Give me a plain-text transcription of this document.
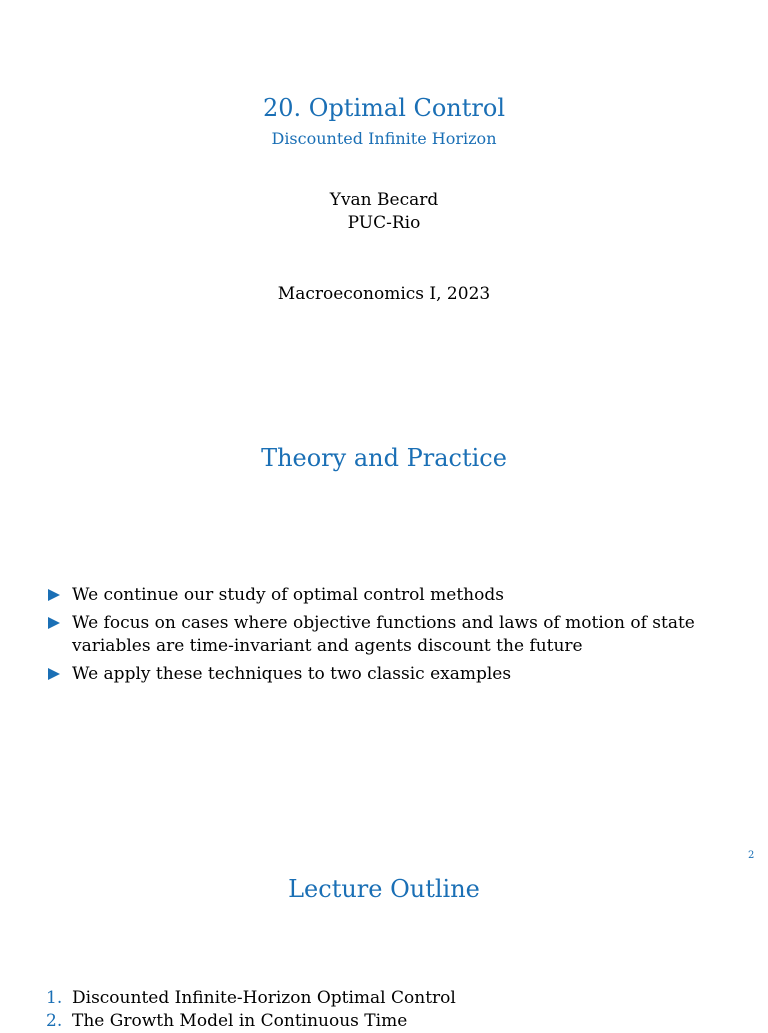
20. Optimal Control
Discounted Infinite Horizon
Yvan Becard
PUC-Rio
Macroeconomics I, 2023
Theory and Practice
We continue our study of optimal control methods
We focus on cases where objective functions and laws of motion of state variables are time-invariant and agents discount the future
We apply these techniques to two classic examples
2
Lecture Outline
1. Discounted Infinite-Horizon Optimal Control
2. The Growth Model in Continuous Time
